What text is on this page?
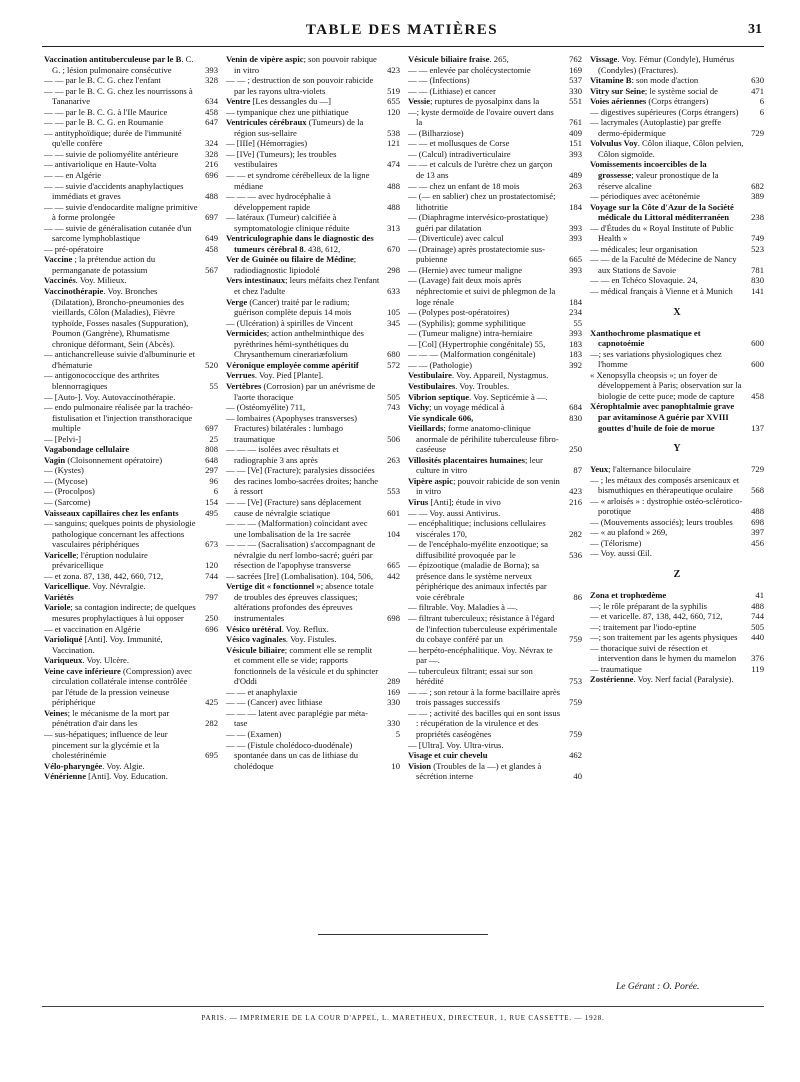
TABLE DES MATIÈRES	31
Vaccination antituberculeuse par le B. C. G. ; lésion pulmonaire consécutive	393
— — par le B. C. G. chez l'enfant	328
— — par le B. C. G. chez les nourrissons à Tananarive	634
— — par le B. C. G. à l'Ile Maurice	458
— — par le B. C. G. en Roumanie	647
— antityphoïdique; durée de l'immunité qu'elle confère	324
— — suivie de poliomyélite antérieure	328
— antivariolique en Haute-Volta	216
— — en Algérie	696
— — suivie d'accidents anaphylactiques immédiats et graves	488
— — suivie d'endocardite maligne primitive à forme prolongée	697
— — suivie de généralisation cutanée d'un sarcome lymphoblastique	649
— pré-opératoire	458
Vaccine ; la prétendue action du permanganate de potassium	567
Vaccinés. Voy. Milieux.
Vaccinothérapie. Voy. Bronches (Dilatation), Broncho-pneumonies des vieillards, Côlon (Maladies), Fièvre typhoïde, Fosses nasales (Suppuration), Poumon (Gangrène), Rhumatisme chronique déformant, Sein (Abcès).
— antichancrelleuse suivie d'albuminurie et d'hématurie	520
— antigonococcique des arthrites blennorragiques	55
— [Auto-]. Voy. Autovaccinothérapie.
— endo pulmonaire réalisée par la trachéo-fistulisation et l'injection transthoracique multiple	697
— [Pelvi-]	25
Vagabondage cellulaire	808
Vagin (Cloisonnement opératoire)	648
— (Kystes)	297
— (Mycose)	96
— (Procolpos)	6
— (Sarcome)	154
Vaisseaux capillaires chez les enfants	495
— sanguins; quelques points de physiologie pathologique concernant les affections vasculaires périphériques	673
Varicelle; l'éruption nodulaire prévaricellique	120
— et zona. 87, 138, 442, 660, 712,	744
Varicellique. Voy. Névralgie.
Variétés	797
Variole; sa contagion indirecte; de quelques mesures prophylactiques à lui opposer 250
— et vaccination en Algérie	696
Varioliqué [Anti]. Voy. Immunité, Vaccination.
Variqueux. Voy. Ulcère.
Veine cave inférieure (Compression) avec circulation collatérale intense contrôlée par l'étude de la pression veineuse périphérique	425
Veines; le mécanisme de la mort par pénétration d'air dans les	282
— sus-hépatiques; influence de leur pincement sur la glycémie et la cholestérinémie	695
Vélo-pharyngée. Voy. Algie.
Vénérienne [Anti]. Voy. Education.
Venin de vipère aspic; son pouvoir rabique in vitro	423
— — ; destruction de son pouvoir rabicide par les rayons ultra-violets	519
Ventre [Les dessangles du —]	655
— tympanique chez une pithiatique	120
Ventricules cérébraux (Tumeurs) de la région sus-sellaire	538
— [IIIe] (Hémorragies)	121
— [IVe] (Tumeurs); les troubles vestibulaires	474
— — et syndrome cérébelleux de la ligne médiane	488
— — — avec hydrocéphalie à développement rapide	488
— latéraux (Tumeur) calcifiée à symptomatologie clinique réduite	313
Ventriculographie dans le diagnostic des tumeurs cérébral 8. 438, 612,	670
Ver de Guinée ou filaire de Médine; radiodiagnostic lipiodolé	298
Vers intestinaux; leurs méfaits chez l'enfant et chez l'adulte	633
Verge (Cancer) traité par le radium; guérison complète depuis 14 mois	105
— (Ulcération) à spirilles de Vincent	345
Vermicides; action anthelminthique des pyrèthrines hémi-synthétiques du Chrysanthemum cinerariæfolium	680
Véronique employée comme apéritif	572
Verrues. Voy. Pied [Plante].
Vertèbres (Corrosion) par un anévrisme de l'aorte thoracique	505
— (Ostéomyélite) 711,	743
— lombaires (Apophyses transverses) Fractures) bilatérales : lumbago traumatique	506
— — — isolées avec résultats et radiographie 3 ans après	263
— — [Ve] (Fracture); paralysies dissociées des racines lombo-sacrées droites; hanche à ressort	553
— — [Ve] (Fracture) sans déplacement cause de névralgie sciatique	601
— — — (Malformation) coïncidant avec une lombalisation de la 1re sacrée	104
— — — (Sacralisation) s'accompagnant de névralgie du nerf lombo-sacré; guéri par résection de l'apophyse transverse	665
— sacrées [Ire] (Lombalisation). 104, 506, 442
Vertige dit « fonctionnel »; absence totale de troubles des épreuves classiques; altérations profondes des épreuves instrumentales	698
Vésico urétéral. Voy. Reflux.
Vésico vaginales. Voy. Fistules.
Vésicule biliaire; comment elle se remplit et comment elle se vide; rapports fonctionnels de la vésicule et du sphincter d'Oddi	289
— — et anaphylaxie	169
— — (Cancer) avec lithiase	330
— — — latent avec paraplégie par méta-tase	330
— — (Examen)	5
— — (Fistule cholédoco-duodénale) spontanée dans un cas de lithiase du cholédoque	10
Vésicule biliaire fraise. 265,	762
— — enlevée par cholécystectomie	169
— — (Infections)	537
— — (Lithiase) et cancer	330
Vessie; ruptures de pyosalpinx dans la	551
—; kyste dermoïde de l'ovaire ouvert dans la	761
— (Bilharziose)	409
— — et mollusques de Corse	151
— (Calcul) intradiverticulaire	393
— — et calculs de l'urètre chez un garçon de 13 ans	489
— — chez un enfant de 18 mois	263
— (— en sablier) chez un prostatectomisé; lithotritie	184
— (Diaphragme intervésico-prostatique) guéri par dilatation	393
— (Diverticule) avec calcul	393
— (Drainage) après prostatectomie sus-pubienne	665
— (Hernie) avec tumeur maligne	393
— (Lavage) fait deux mois après néphrectomie et suivi de phlegmon de la loge rénale	184
— (Polypes post-opératoires)	234
— (Syphilis); gomme syphilitique	55
— (Tumeur maligne) intra-herniaire	393
— [Col] (Hypertrophie congénitale) 55,	183
— — — (Malformation congénitale)	183
— — (Pathologie)	392
Vestibulaire. Voy. Appareil, Nystagmus.
Vestibulaires. Voy. Troubles.
Vibrion septique. Voy. Septicémie à —.
Vichy; un voyage médical à	684
Vie syndicale 606,	830
Vieillards; forme anatomo-clinique anormale de périhilite tuberculeuse fibro-caséeuse	250
Villosités placentaires humaines; leur culture in vitro	87
Vipère aspic; pouvoir rabicide de son venin in vitro	423
Virus [Anti]; étude in vivo	216
— — Voy. aussi Antivirus.
— encéphalitique; inclusions cellulaires viscérales 170,	282
— de l'encéphalo-myélite enzootique; sa diffusibilité provoquée par le	536
— épizootique (maladie de Borna); sa présence dans le système nerveux périphérique des animaux infectés par voie cérébrale	86
— filtrable. Voy. Maladies à —.
— filtrant tuberculeux; résistance à l'égard de l'infection tuberculeuse expérimentale du cobaye conféré par un	759
— herpéto-encéphalitique. Voy. Névrax te par —.
— tuberculeux filtrant; essai sur son hérédité	753
— — ; son retour à la forme bacillaire après trois passages successifs	759
— — ; activité des bacilles qui en sont issus : récupération de la virulence et des propriétés caséogènes	759
— [Ultra]. Voy. Ultra-virus.
Visage et cuir chevelu	462
Vision (Troubles de la —) et glandes à sécrétion interne	40
Vissage. Voy. Fémur (Condyle), Humérus (Condyles) (Fractures).
Vitamine B: son mode d'action	630
Vitry sur Seine; le système social de	471
Voies aériennes (Corps étrangers)	6
— digestives supérieures (Corps étrangers) 6
— lacrymales (Autoplastie) par greffe dermo-épidermique	729
Volvulus Voy. Côlon iliaque, Côlon pelvien, Côlon sigmoïde.
Vomissements incoercibles de la grossesse; valeur pronostique de la réserve alcaline	682
— périodiques avec acétonémie	389
Voyage sur la Côte d'Azur de la Société médicale du Littoral méditerranéen	238
— d'Études du « Royal Institute of Public Health »	749
— médicales; leur organisation	523
— — de la Faculté de Médecine de Nancy aux Stations de Savoie	781
— — en Tchéco Slovaquie. 24,	830
— médical français à Vienne et à Munich 141
X
Xanthochrome plasmatique et capnotoémie	600
—; ses variations physiologiques chez l'homme	600
« Xenopsylla cheopsis »; un foyer de développement à Paris; observation sur la biologie de cette puce; mode de capture 458
Xérophtalmie avec panophtalmie grave par avitaminose A guérie par XVIII gouttes d'huile de foie de morue	137
Y
Yeux; l'alternance biloculaire	729
— ; les métaux des composés arsenicaux et bismuthiques en thérapeutique oculaire 568
— « arloisés » : dystrophie ostéo-sclérotico-porotique	488
— (Mouvements associés); leurs troubles 698
— « au plafond » 269,	397
— (Télorisme)	456
— Voy. aussi Œil.
Z
Zona et trophœdème	41
—; le rôle préparant de la syphilis	488
— et varicelle. 87, 138, 442, 660, 712,	744
—; traitement par l'iodo-eptine	505
—; son traitement par les agents physiques 440
— thoracique suivi de résection et intervention dans le hymen du mamelon 376
— traumatique	119
Zostérienne. Voy. Nerf facial (Paralysie).
Le Gérant : O. Porée.
PARIS. — IMPRIMERIE DE LA COUR D'APPEL, L. MARETHEUX, DIRECTEUR, 1, RUE CASSETTE. — 1928.
